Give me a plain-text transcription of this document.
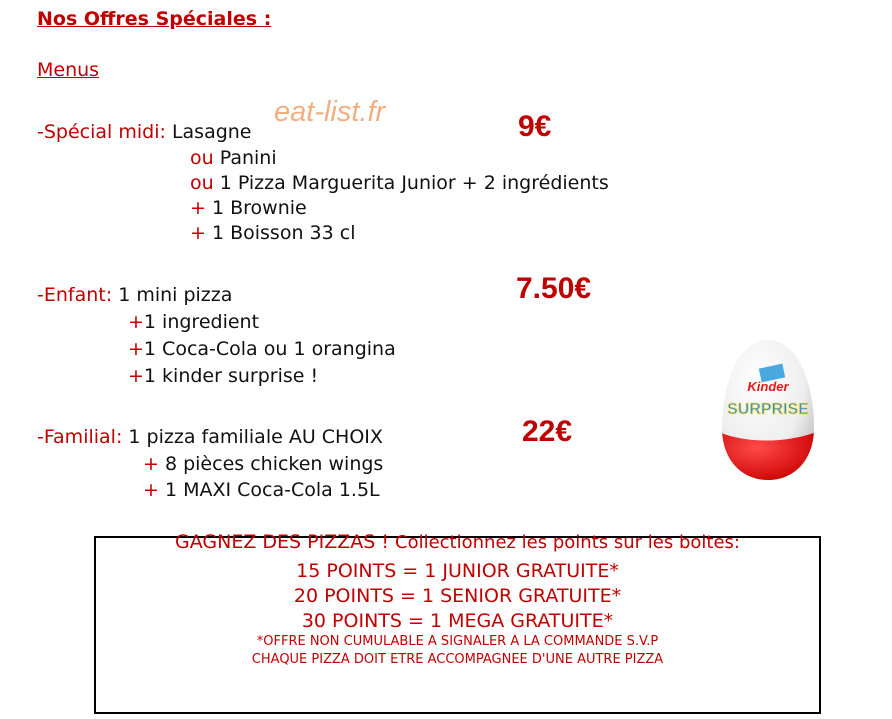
Nos Offres Spéciales :
Menus
eat-list.fr
-Spécial midi: Lasagne
ou Panini
ou 1 Pizza Marguerita Junior + 2 ingrédients
+ 1 Brownie
+ 1 Boisson 33 cl
9€
-Enfant: 1 mini pizza
+1 ingredient
+1 Coca-Cola ou 1 orangina
+1 kinder surprise !
7.50€
-Familial: 1 pizza familiale AU CHOIX
+ 8 pièces chicken wings
+ 1 MAXI Coca-Cola 1.5L
22€
Kinder
SURPRISE
GAGNEZ DES PIZZAS ! Collectionnez les points sur les boites:
15 POINTS = 1 JUNIOR GRATUITE*
20 POINTS = 1 SENIOR GRATUITE*
30 POINTS = 1 MEGA GRATUITE*
*OFFRE NON CUMULABLE A SIGNALER A LA COMMANDE S.V.P
CHAQUE PIZZA DOIT ETRE ACCOMPAGNEE D'UNE AUTRE PIZZA
